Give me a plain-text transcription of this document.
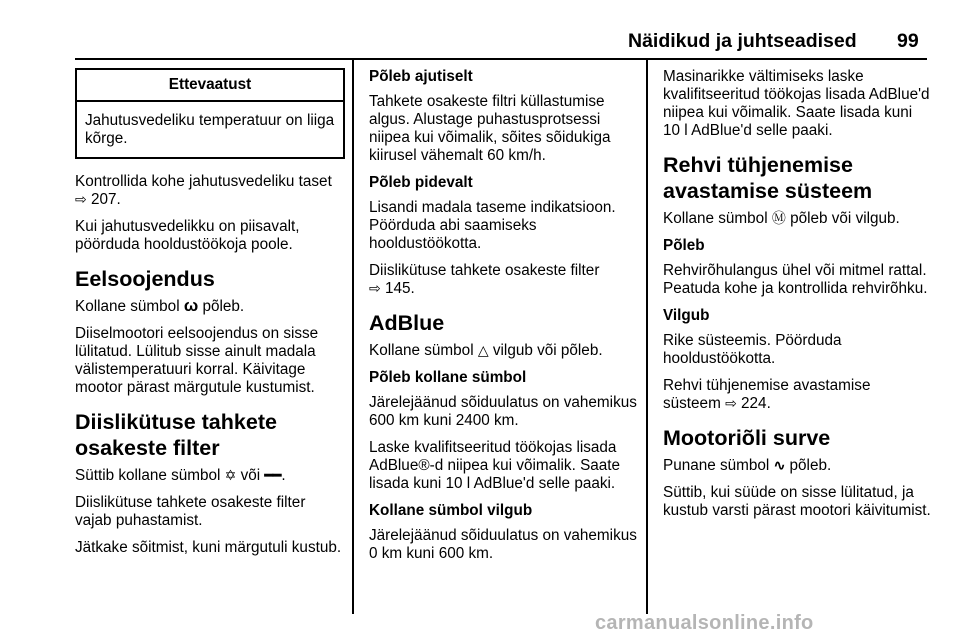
Näidikud ja juhtseadised 99
Ettevaatust
Jahutusvedeliku temperatuur on liiga kõrge.

Kontrollida kohe jahutusvedeliku taset ⇨ 207.

Kui jahutusvedelikku on piisavalt, pöörduda hooldustöökoja poole.

Eelsoojendus

Kollane sümbol ω põleb.

Diiselmootori eelsoojendus on sisse lülitatud. Lülitub sisse ainult madala välistemperatuuri korral. Käivitage mootor pärast märgutule kustumist.

Diislikütuse tahkete osakeste filter

Süttib kollane sümbol ✡ või ━━.

Diislikütuse tahkete osakeste filter vajab puhastamist.

Jätkake sõitmist, kuni märgutuli kustub.

Põleb ajutiselt

Tahkete osakeste filtri küllastumise algus. Alustage puhastusprotsessi niipea kui võimalik, sõites sõidukiga kiirusel vähemalt 60 km/h.

Põleb pidevalt

Lisandi madala taseme indikatsioon. Pöörduda abi saamiseks hooldustöökotta.

Diislikütuse tahkete osakeste filter
⇨ 145.

AdBlue

Kollane sümbol △ vilgub või põleb.

Põleb kollane sümbol

Järelejäänud sõiduulatus on vahemikus 600 km kuni 2400 km.

Laske kvalifitseeritud töökojas lisada AdBlue®-d niipea kui võimalik. Saate lisada kuni 10 l AdBlue'd selle paaki.

Kollane sümbol vilgub

Järelejäänud sõiduulatus on vahemikus 0 km kuni 600 km.

Masinarikke vältimiseks laske kvalifitseeritud töökojas lisada AdBlue'd niipea kui võimalik. Saate lisada kuni 10 l AdBlue'd selle paaki.

Rehvi tühjenemise avastamise süsteem

Kollane sümbol Ⓜ põleb või vilgub.

Põleb

Rehvirõhulangus ühel või mitmel rattal. Peatuda kohe ja kontrollida rehvirõhku.

Vilgub

Rike süsteemis. Pöörduda hooldustöökotta.

Rehvi tühjenemise avastamise süsteem ⇨ 224.

Mootoriõli surve

Punane sümbol ∿ põleb.

Süttib, kui süüde on sisse lülitatud, ja kustub varsti pärast mootori käivitumist.

carmanualsonline.info
